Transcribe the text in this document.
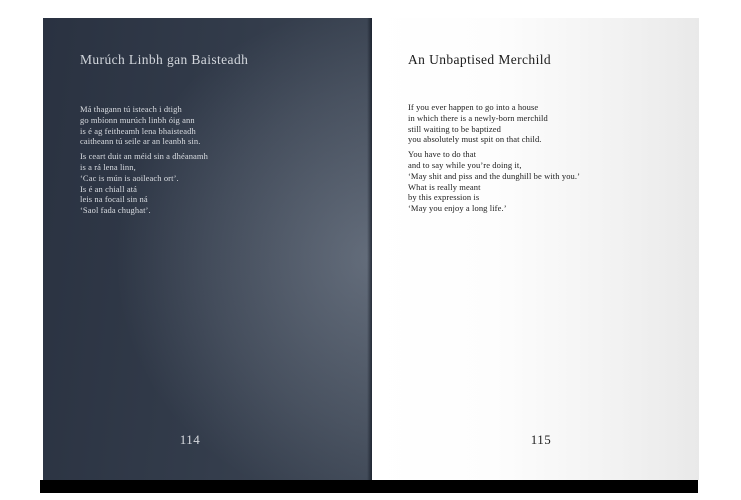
Murúch Linbh gan Baisteadh
Má thagann tú isteach i dtigh
go mbíonn murúch linbh óig ann
is é ag feitheamh lena bhaisteadh
caitheann tú seile ar an leanbh sin.
Is ceart duit an méid sin a dhéanamh
is a rá lena linn,
‘Cac is mún is aoileach ort’.
Is é an chiall atá
leis na focail sin ná
‘Saol fada chughat’.
114
An Unbaptised Merchild
If you ever happen to go into a house
in which there is a newly-born merchild
still waiting to be baptized
you absolutely must spit on that child.
You have to do that
and to say while you’re doing it,
‘May shit and piss and the dunghill be with you.’
What is really meant
by this expression is
‘May you enjoy a long life.’
115
